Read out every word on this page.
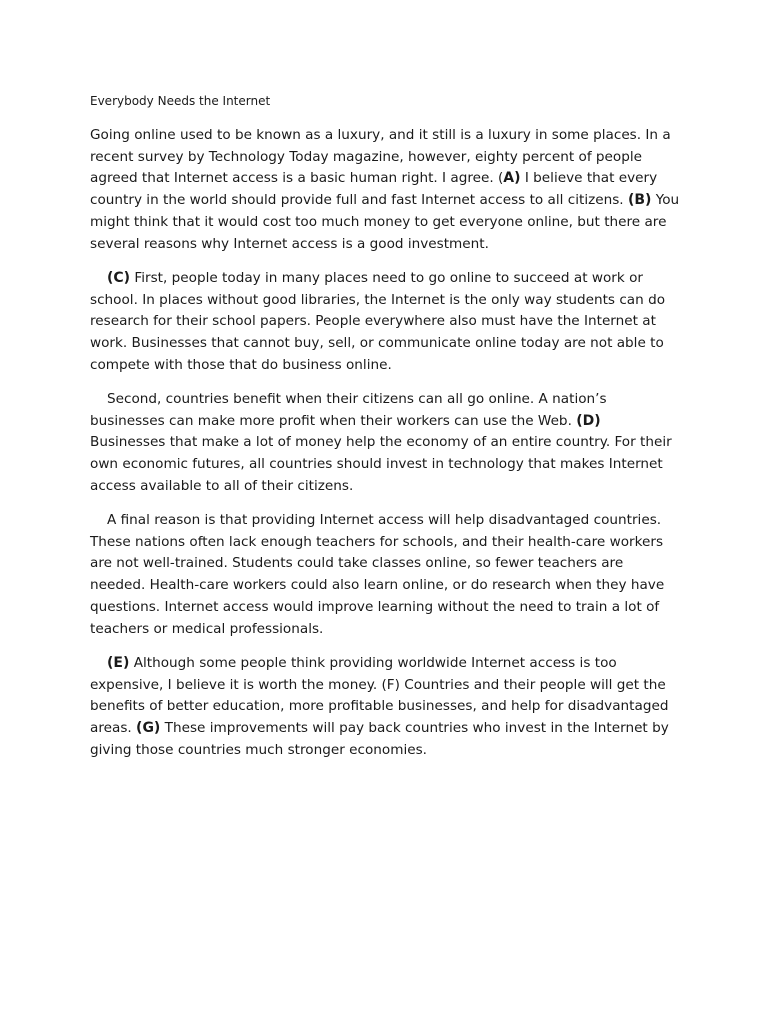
Everybody Needs the Internet

Going online used to be known as a luxury, and it still is a luxury in some places. In a recent survey by Technology Today magazine, however, eighty percent of people agreed that Internet access is a basic human right. I agree. (A) I believe that every country in the world should provide full and fast Internet access to all citizens. (B) You might think that it would cost too much money to get everyone online, but there are several reasons why Internet access is a good investment.

(C) First, people today in many places need to go online to succeed at work or school. In places without good libraries, the Internet is the only way students can do research for their school papers. People everywhere also must have the Internet at work. Businesses that cannot buy, sell, or communicate online today are not able to compete with those that do business online.

Second, countries benefit when their citizens can all go online. A nation’s businesses can make more profit when their workers can use the Web. (D) Businesses that make a lot of money help the economy of an entire country. For their own economic futures, all countries should invest in technology that makes Internet access available to all of their citizens.

A final reason is that providing Internet access will help disadvantaged countries. These nations often lack enough teachers for schools, and their health-care workers are not well-trained. Students could take classes online, so fewer teachers are needed. Health-care workers could also learn online, or do research when they have questions. Internet access would improve learning without the need to train a lot of teachers or medical professionals.

(E) Although some people think providing worldwide Internet access is too expensive, I believe it is worth the money. (F) Countries and their people will get the benefits of better education, more profitable businesses, and help for disadvantaged areas. (G) These improvements will pay back countries who invest in the Internet by giving those countries much stronger economies.
